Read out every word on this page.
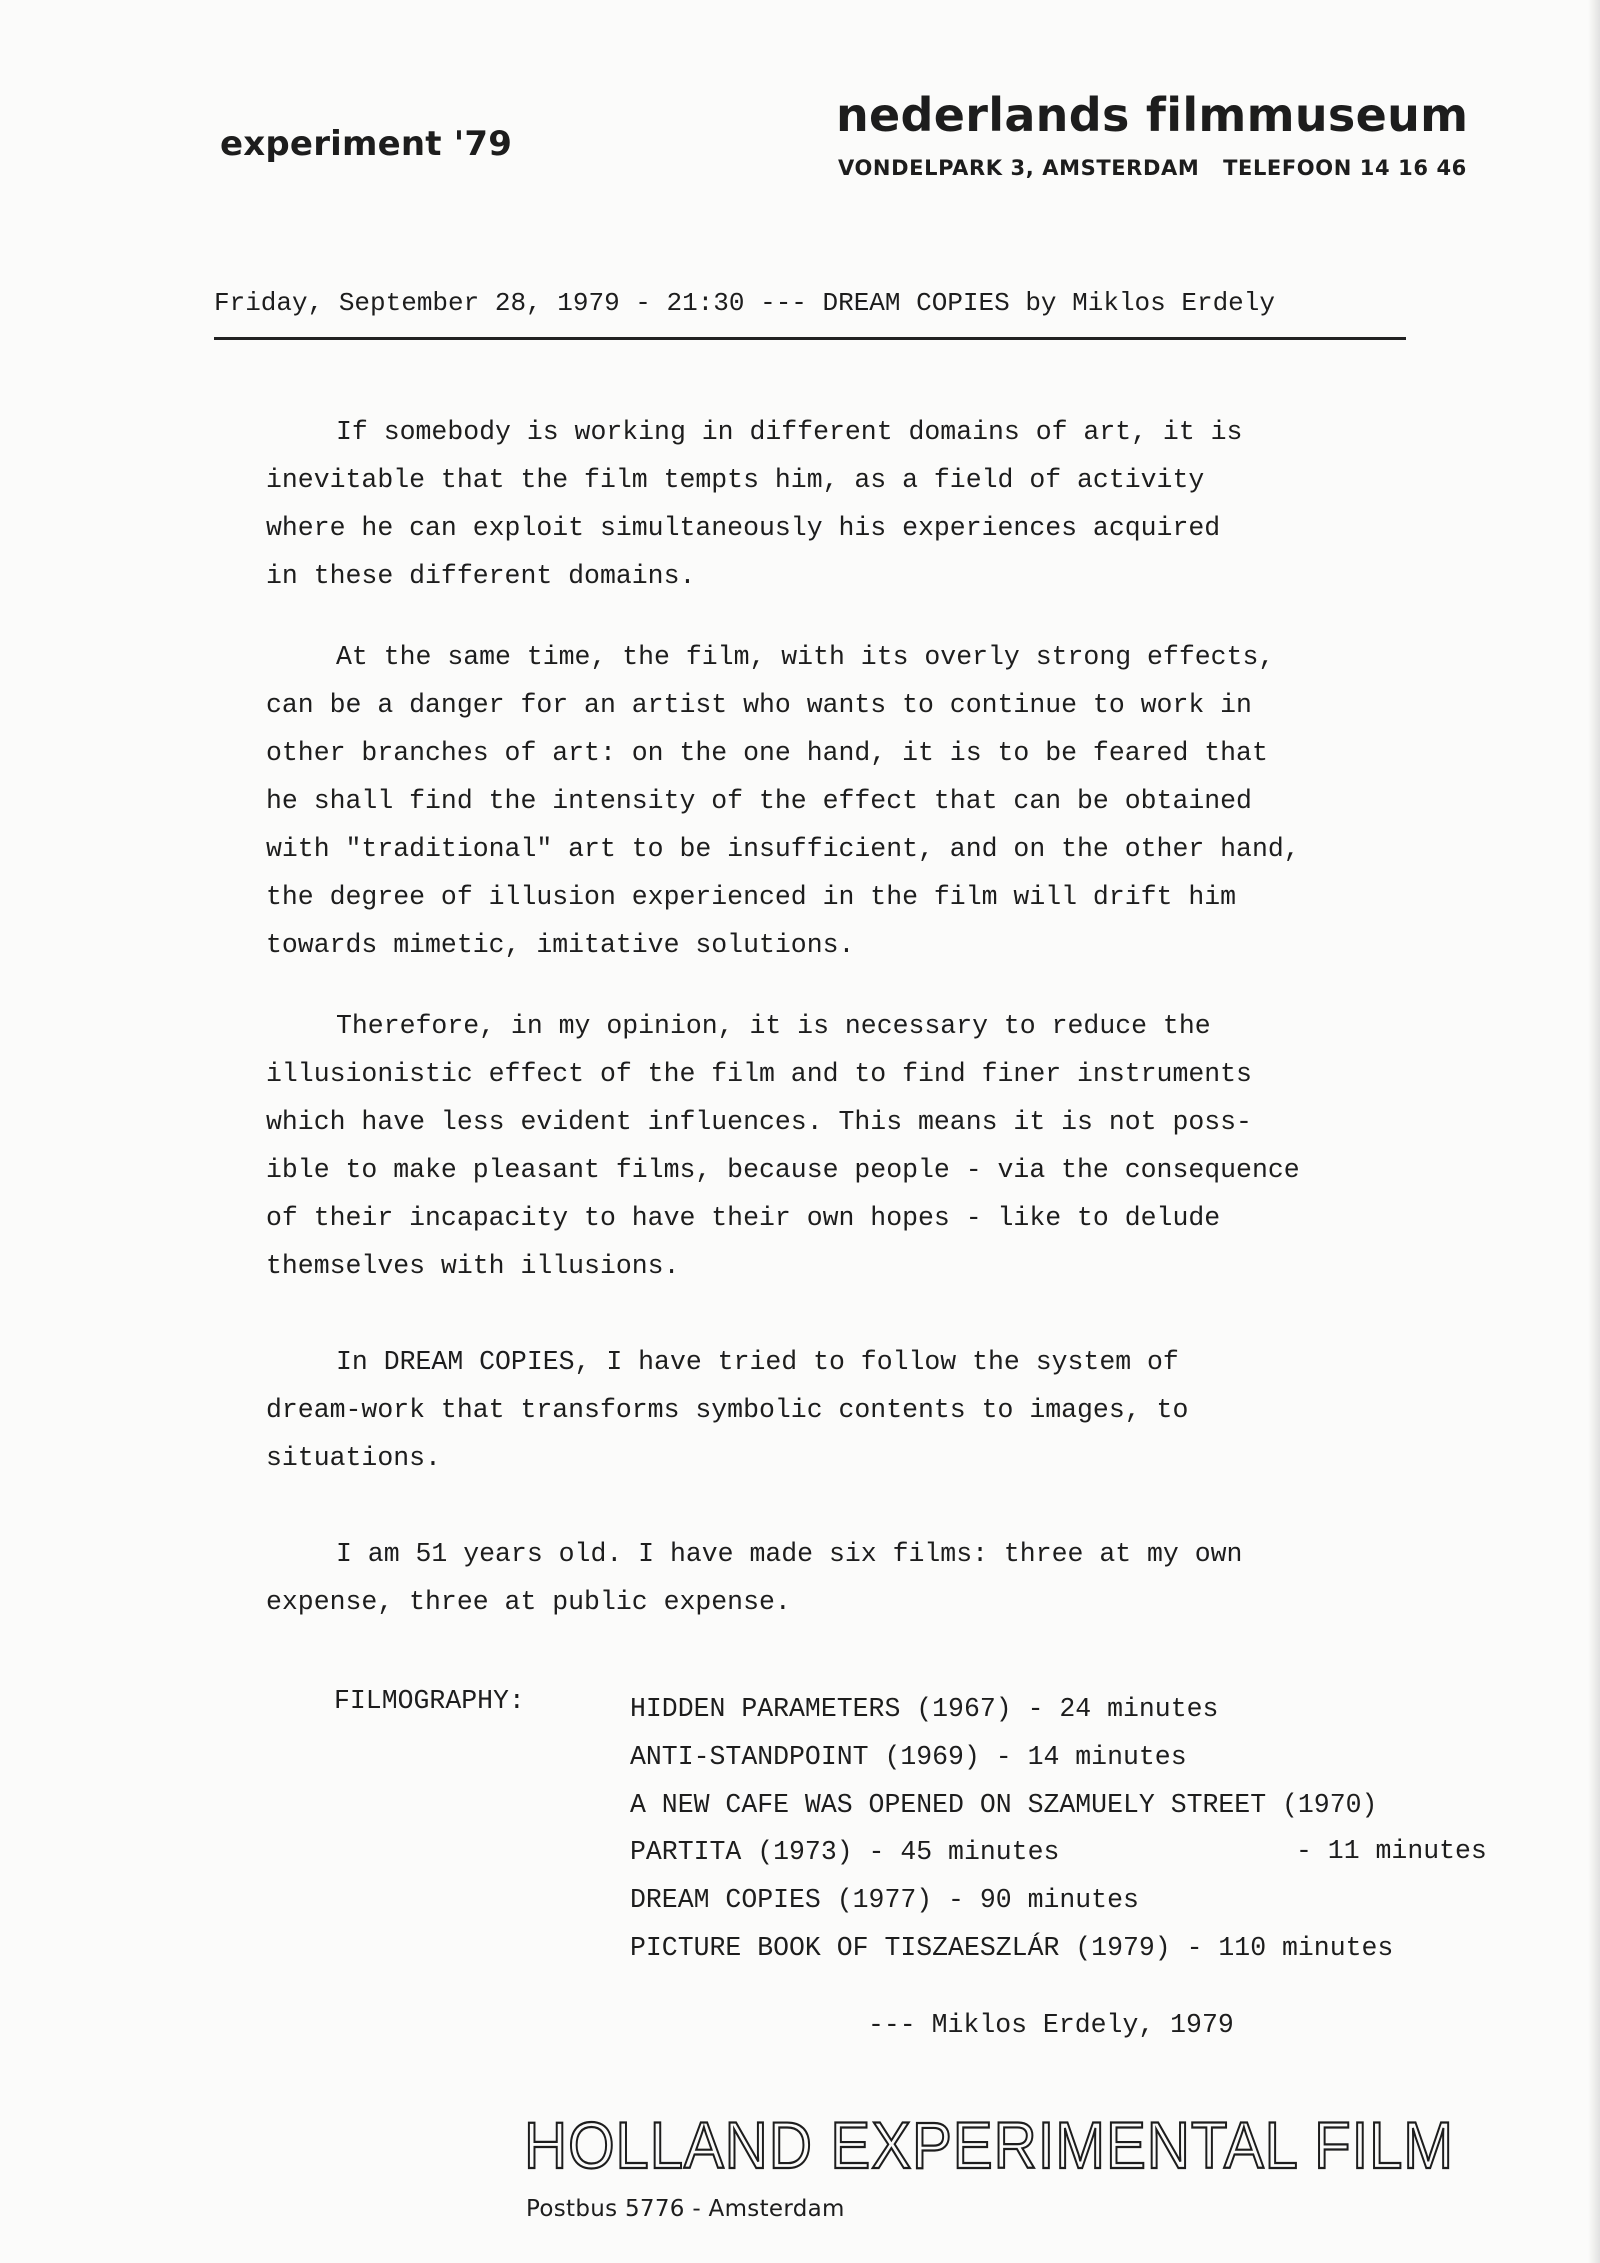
experiment '79
nederlands filmmuseum
VONDELPARK 3, AMSTERDAM   TELEFOON 14 16 46
Friday, September 28, 1979 - 21:30 --- DREAM COPIES by Miklos Erdely

If somebody is working in different domains of art, it is

inevitable that the film tempts him, as a field of activity

where he can exploit simultaneously his experiences acquired

in these different domains.

At the same time, the film, with its overly strong effects,

can be a danger for an artist who wants to continue to work in

other branches of art: on the one hand, it is to be feared that

he shall find the intensity of the effect that can be obtained

with "traditional" art to be insufficient, and on the other hand,

the degree of illusion experienced in the film will drift him

towards mimetic, imitative solutions.

Therefore, in my opinion, it is necessary to reduce the

illusionistic effect of the film and to find finer instruments

which have less evident influences. This means it is not poss-

ible to make pleasant films, because people - via the consequence

of their incapacity to have their own hopes - like to delude

themselves with illusions.

In DREAM COPIES, I have tried to follow the system of

dream-work that transforms symbolic contents to images, to

situations.

I am 51 years old. I have made six films: three at my own

expense, three at public expense.

FILMOGRAPHY:	HIDDEN PARAMETERS (1967) - 24 minutes
ANTI-STANDPOINT (1969) - 14 minutes
A NEW CAFE WAS OPENED ON SZAMUELY STREET (1970)
PARTITA (1973) - 45 minutes
DREAM COPIES (1977) - 90 minutes
PICTURE BOOK OF TISZAESZLÁR (1979) - 110 minutes
- 11 minutes
--- Miklos Erdely, 1979
HOLLAND EXPERIMENTAL FILM
Postbus 5776 - Amsterdam
